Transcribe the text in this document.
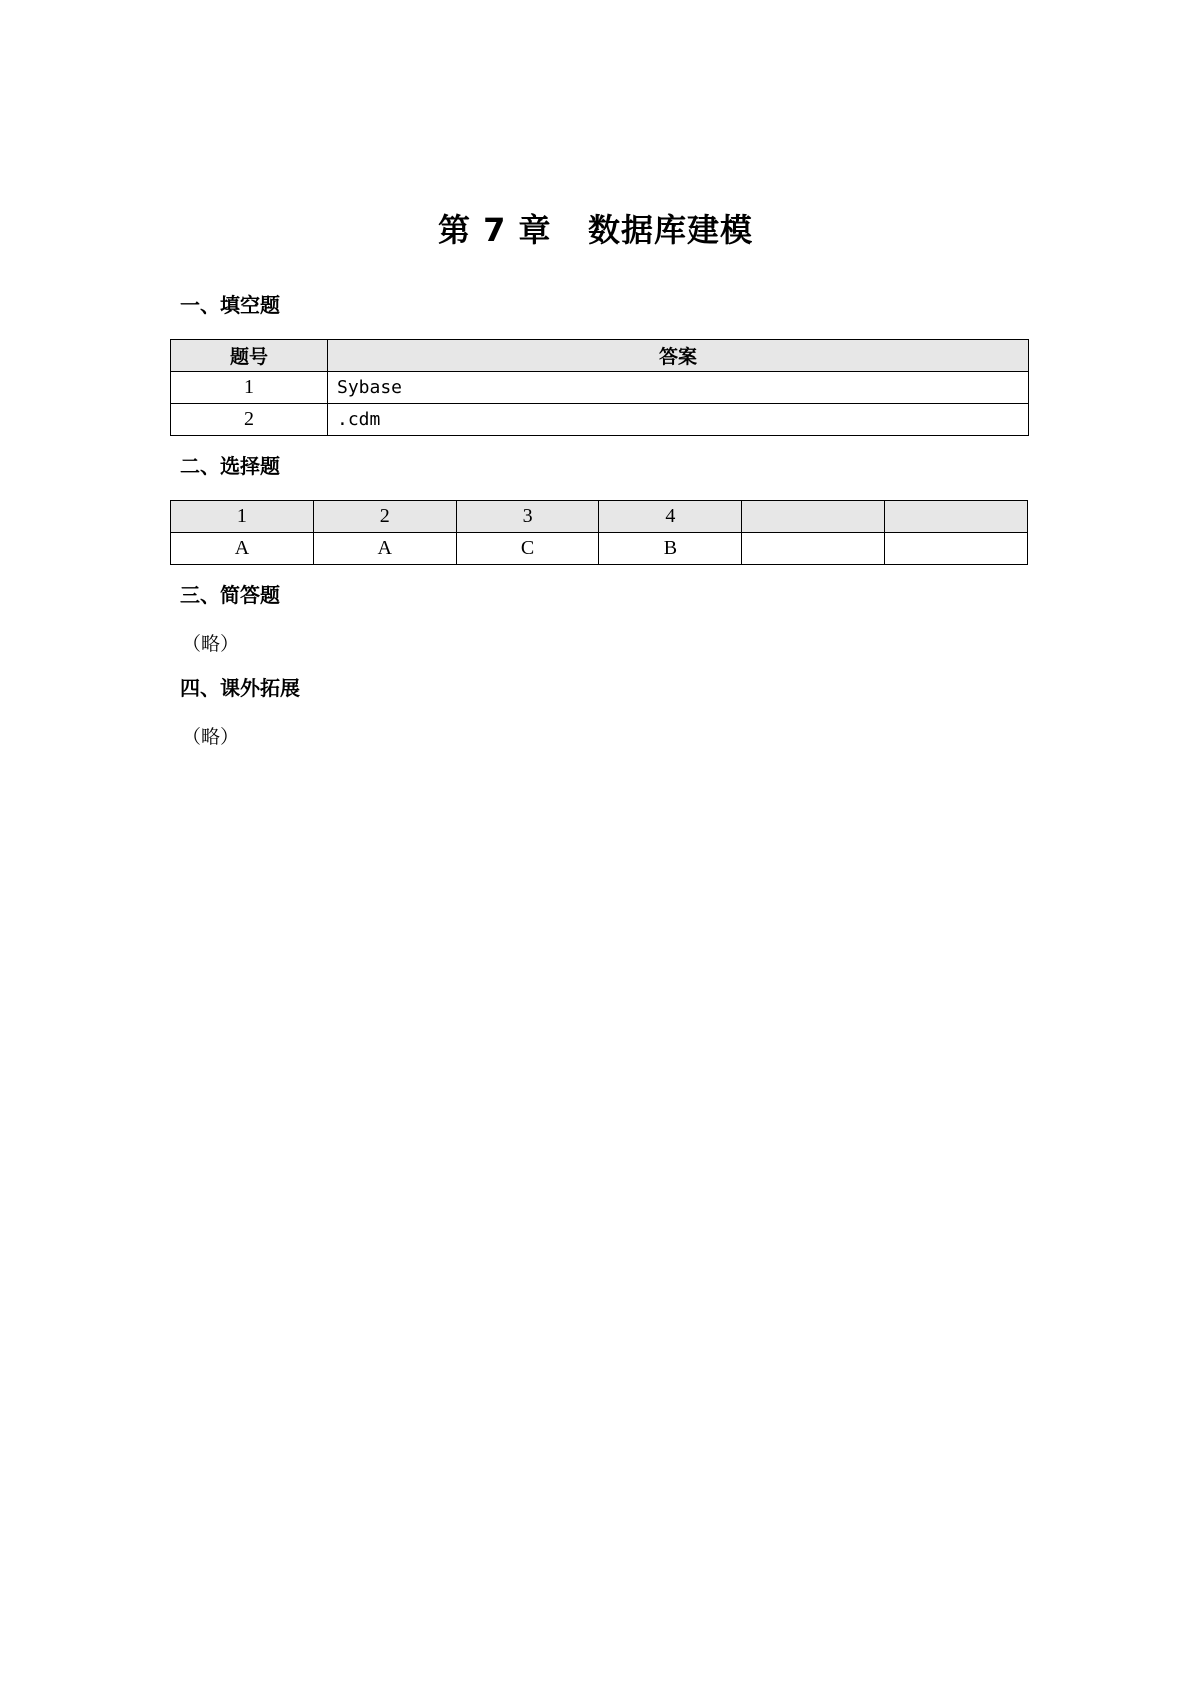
第 7 章 数据库建模
一、填空题
题号	答案
1	Sybase
2	.cdm
二、选择题
1	2	3	4		
A	A	C	B		
三、简答题

（略）

四、课外拓展

（略）
